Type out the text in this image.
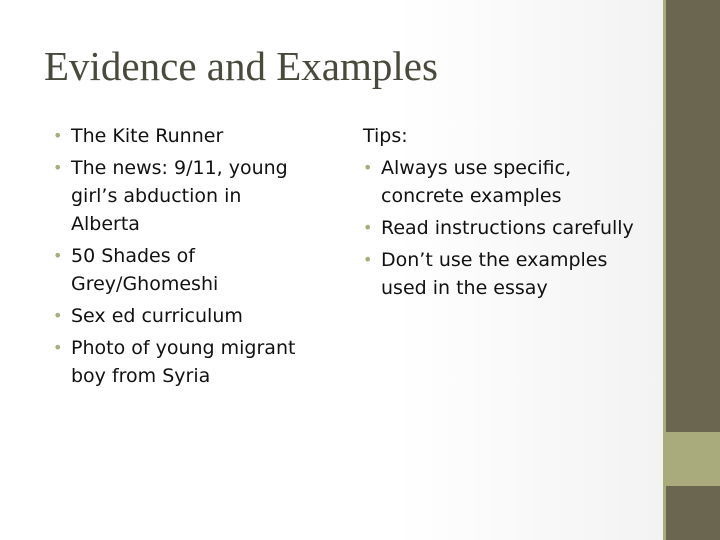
Evidence and Examples
• The Kite Runner
• The news: 9/11, young girl’s abduction in Alberta
• 50 Shades of Grey/Ghomeshi
• Sex ed curriculum
• Photo of young migrant boy from Syria
Tips:
• Always use specific, concrete examples
• Read instructions carefully
• Don’t use the examples used in the essay
